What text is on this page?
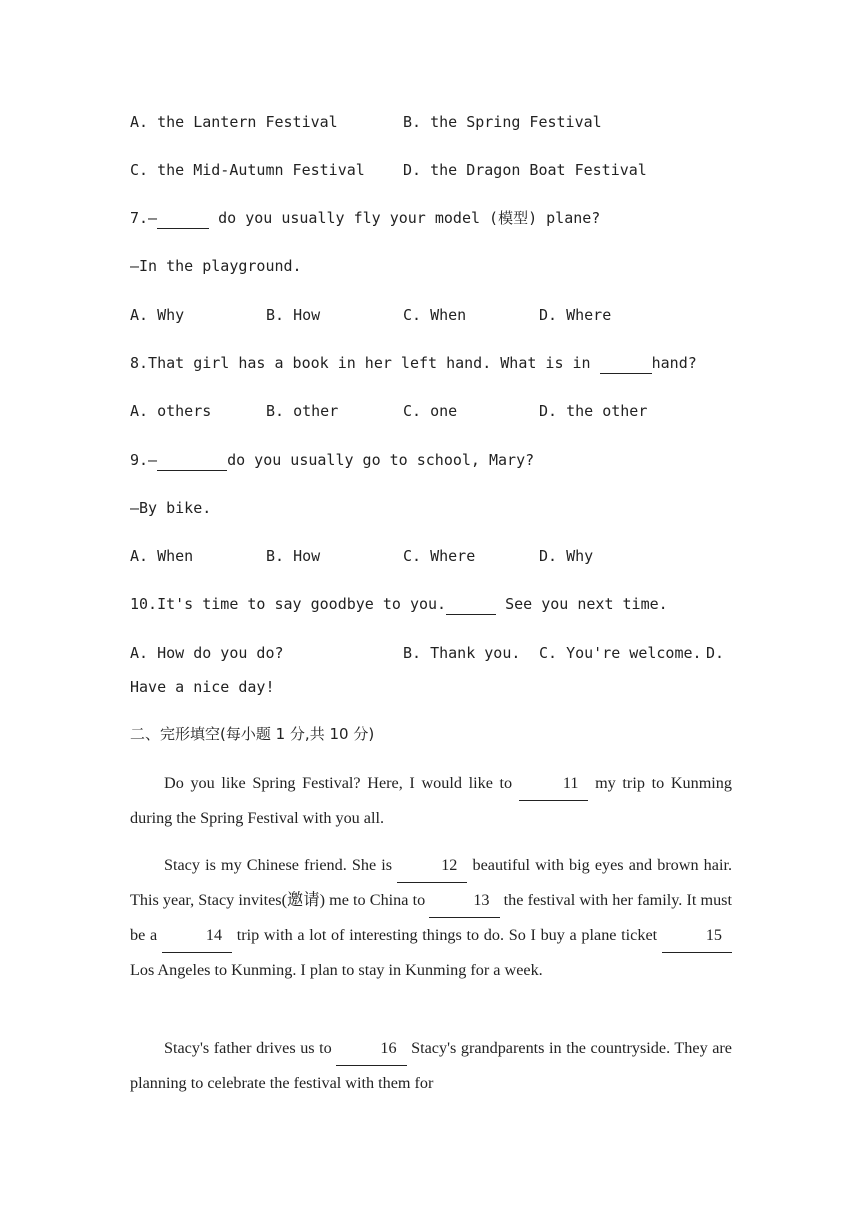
A. the Lantern Festival	B. the Spring Festival
C. the Mid-Autumn Festival	D. the Dragon Boat Festival
7.—	do you usually fly your model (模型) plane?
—In the playground.
A. Why	B. How	C. When	D. Where
8.That girl has a book in her left hand. What is in	hand?
A. others	B. other	C. one	D. the other
9.—	do you usually go to school, Mary?
—By bike.
A. When	B. How	C. Where	D. Why
10.It's time to say goodbye to you.	See you next time.
A. How do you do?	B. Thank you. C. You're welcome. D.
Have a nice day!
二、完形填空(每小题 1 分,共 10 分)

Do you like Spring Festival? Here, I would like to	11 my trip to Kunming during the Spring Festival with you all.

Stacy is my Chinese friend. She is	12 beautiful with big eyes and brown hair. This year, Stacy invites(邀请) me to China to	13 the festival with her family. It must be a	14 trip with a lot of interesting things to do. So I buy a plane ticket	15 Los Angeles to Kunming. I plan to stay in Kunming for a week.

Stacy's father drives us to	16 Stacy's grandparents in the countryside. They are planning to celebrate the festival with them for
